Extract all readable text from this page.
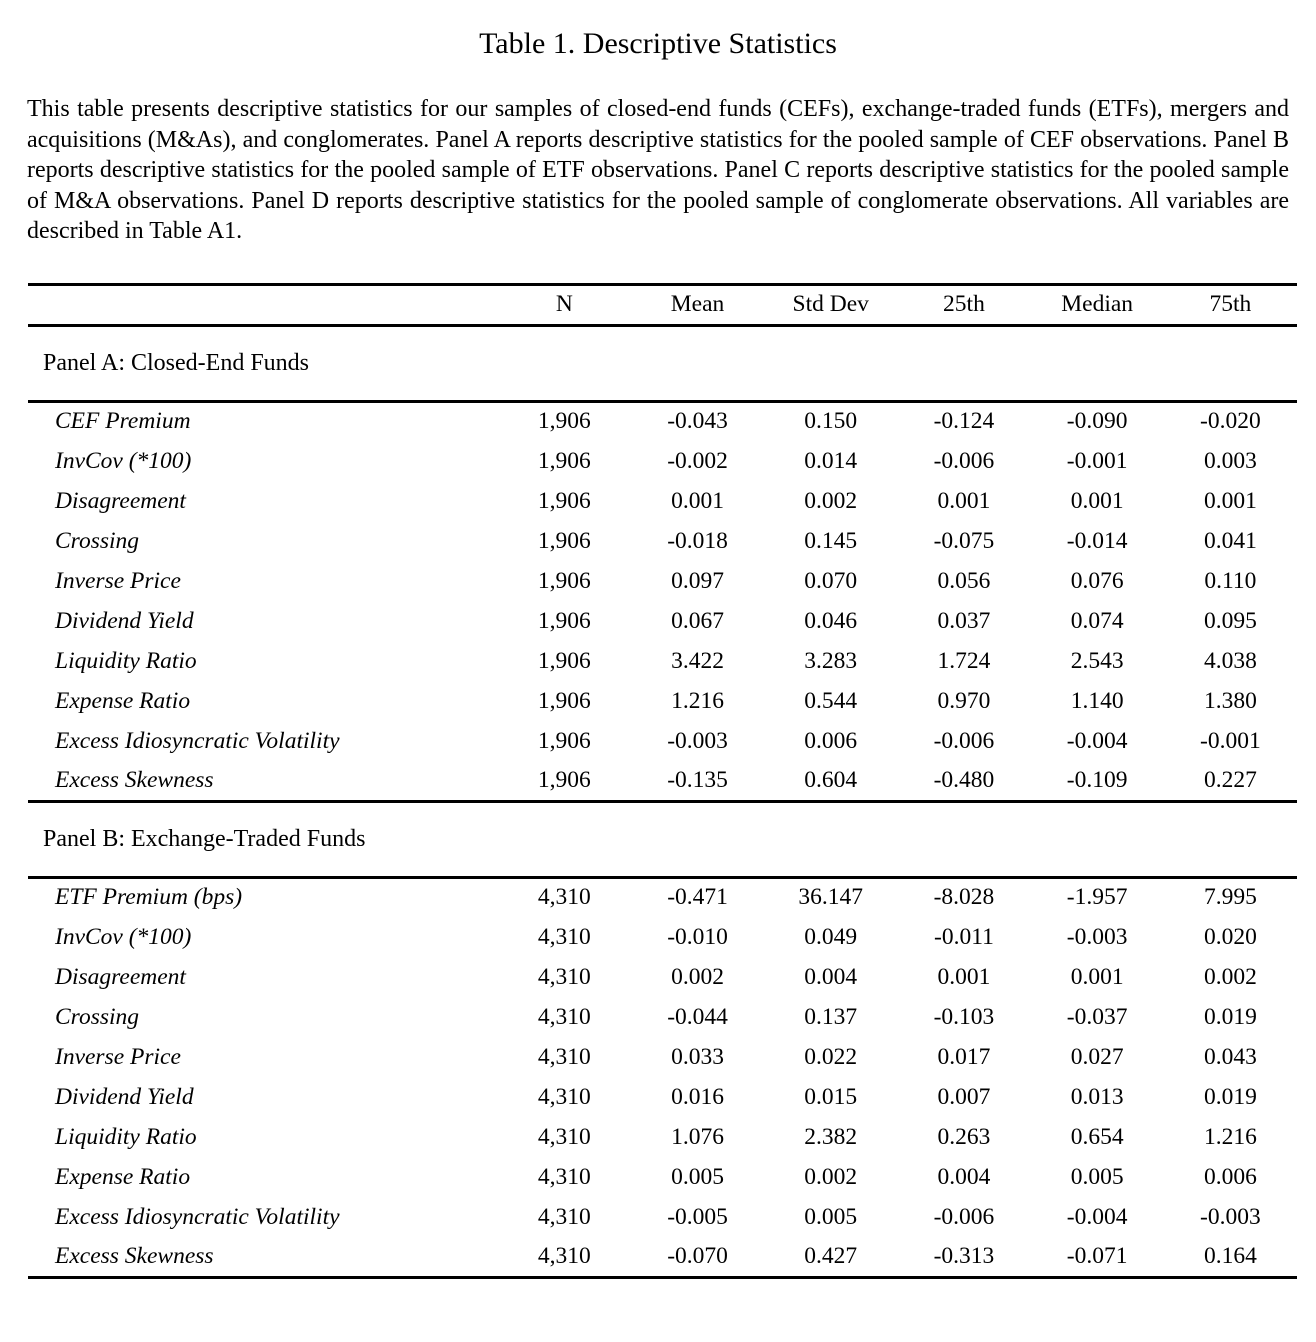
Table 1. Descriptive Statistics

This table presents descriptive statistics for our samples of closed-end funds (CEFs), exchange-traded funds (ETFs), mergers and acquisitions (M&As), and conglomerates. Panel A reports descriptive statistics for the pooled sample of CEF observations. Panel B reports descriptive statistics for the pooled sample of ETF observations. Panel C reports descriptive statistics for the pooled sample of M&A observations. Panel D reports descriptive statistics for the pooled sample of conglomerate observations. All variables are described in Table A1.

	N	Mean	Std Dev	25th	Median	75th
Panel A: Closed-End Funds						
CEF Premium	1,906	-0.043	0.150	-0.124	-0.090	-0.020
InvCov (*100)	1,906	-0.002	0.014	-0.006	-0.001	0.003
Disagreement	1,906	0.001	0.002	0.001	0.001	0.001
Crossing	1,906	-0.018	0.145	-0.075	-0.014	0.041
Inverse Price	1,906	0.097	0.070	0.056	0.076	0.110
Dividend Yield	1,906	0.067	0.046	0.037	0.074	0.095
Liquidity Ratio	1,906	3.422	3.283	1.724	2.543	4.038
Expense Ratio	1,906	1.216	0.544	0.970	1.140	1.380
Excess Idiosyncratic Volatility	1,906	-0.003	0.006	-0.006	-0.004	-0.001
Excess Skewness	1,906	-0.135	0.604	-0.480	-0.109	0.227
Panel B: Exchange-Traded Funds						
ETF Premium (bps)	4,310	-0.471	36.147	-8.028	-1.957	7.995
InvCov (*100)	4,310	-0.010	0.049	-0.011	-0.003	0.020
Disagreement	4,310	0.002	0.004	0.001	0.001	0.002
Crossing	4,310	-0.044	0.137	-0.103	-0.037	0.019
Inverse Price	4,310	0.033	0.022	0.017	0.027	0.043
Dividend Yield	4,310	0.016	0.015	0.007	0.013	0.019
Liquidity Ratio	4,310	1.076	2.382	0.263	0.654	1.216
Expense Ratio	4,310	0.005	0.002	0.004	0.005	0.006
Excess Idiosyncratic Volatility	4,310	-0.005	0.005	-0.006	-0.004	-0.003
Excess Skewness	4,310	-0.070	0.427	-0.313	-0.071	0.164
